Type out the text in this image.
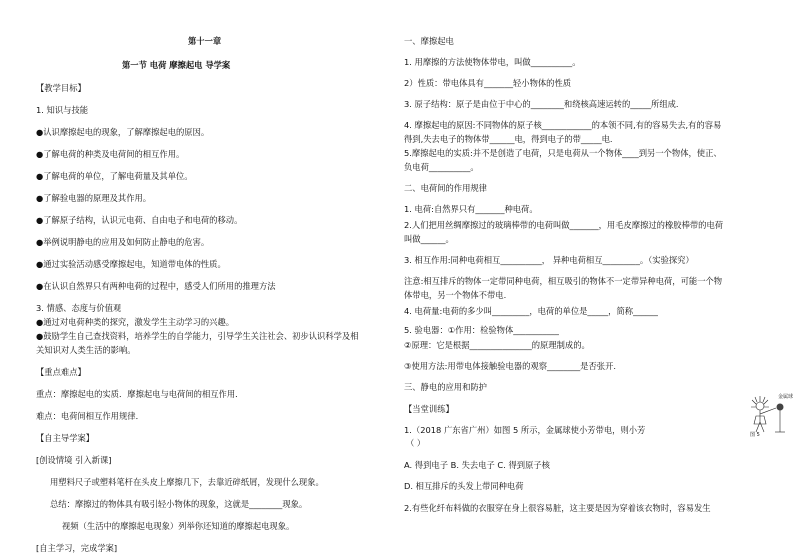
第十一章
第一节 电荷 摩擦起电 导学案
【教学目标】
1. 知识与技能
●认识摩擦起电的现象，了解摩擦起电的原因。
●了解电荷的种类及电荷间的相互作用。
●了解电荷的单位，了解电荷量及其单位。
●了解验电器的原理及其作用。
●了解原子结构，认识元电荷、自由电子和电荷的移动。
●举例说明静电的应用及如何防止静电的危害。
●通过实验活动感受摩擦起电，知道带电体的性质。
●在认识自然界只有两种电荷的过程中，感受人们所用的推理方法
3. 情感、态度与价值观
●通过对电荷种类的探究，激发学生主动学习的兴趣。
●鼓励学生自己查找资料，培养学生的自学能力，引导学生关注社会、初步认识科学及相
关知识对人类生活的影响。
【重点难点】
重点：摩擦起电的实质．摩擦起电与电荷间的相互作用．
难点：电荷间相互作用规律．
【自主导学案】
[创设情境 引入新课]
用塑料尺子或塑料笔杆在头皮上摩擦几下，去靠近碎纸屑，发现什么现象。
总结：摩擦过的物体具有吸引轻小物体的现象，这就是________现象。
视频（生活中的摩擦起电现象）列举你还知道的摩擦起电现象。
[自主学习，完成学案]
一、摩擦起电
1. 用摩擦的方法使物体带电，叫做__________。
2）性质：带电体具有_______轻小物体的性质
3. 原子结构：原子是由位于中心的________和绕核高速运转的_____所组成.
4. 摩擦起电的原因:不同物体的原子核____________的本领不同,有的容易失去,有的容易
得到,失去电子的物体带______电，得到电子的带_____电.
5.摩擦起电的实质:并不是创造了电荷，只是电荷从一个物体____到另一个物体，使正、
负电荷__________。
二、电荷间的作用规律
1. 电荷:自然界只有_______种电荷。
2.人们把用丝绸摩擦过的玻璃棒带的电荷叫做_______，用毛皮摩擦过的橡胶棒带的电荷
叫做______。
3. 相互作用:同种电荷相互__________， 异种电荷相互_________。（实验探究）
注意:相互排斥的物体一定带同种电荷，相互吸引的物体不一定带异种电荷，可能一个物
体带电，另一个物体不带电.
4. 电荷量:电荷的多少叫_________，电荷的单位是_____，简称______
5. 验电器：①作用：检验物体___________
②原理：它是根据_______________的原理制成的。
③使用方法:用带电体接触验电器的观察________是否张开.
三、静电的应用和防护
【当堂训练】
1.（2018 广东省广州）如图 5 所示，金属球使小芳带电，则小芳
（ ）
A. 得到电子 B. 失去电子 C. 得到原子核
D. 相互排斥的头发上带同种电荷
2.有些化纤布料做的衣服穿在身上很容易脏，这主要是因为穿着该衣物时，容易发生
金属球
图 5
